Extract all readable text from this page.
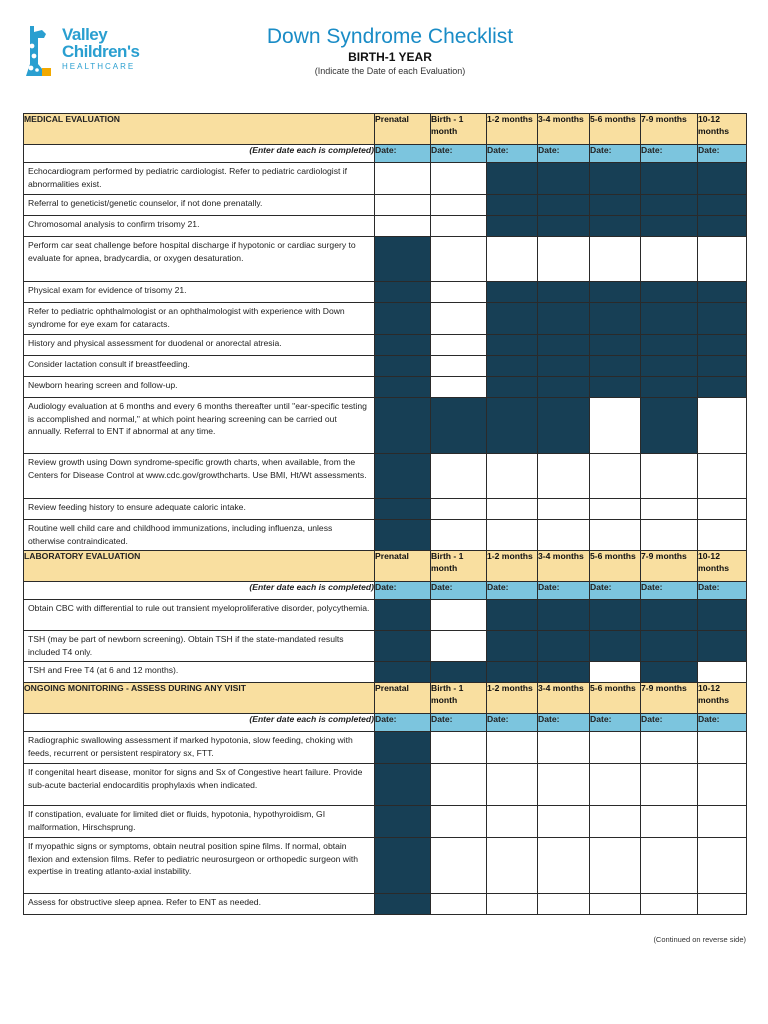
Valley
Children's
HEALTHCARE
Down Syndrome Checklist
BIRTH-1 YEAR
(Indicate the Date of each Evaluation)
MEDICAL EVALUATION	Prenatal	Birth - 1 month	1-2 months	3-4 months	5-6 months	7-9 months	10-12 months
(Enter date each is completed)	Date:	Date:	Date:	Date:	Date:	Date:	Date:
Echocardiogram performed by pediatric cardiologist. Refer to pediatric cardiologist if abnormalities exist.							
Referral to geneticist/genetic counselor, if not done prenatally.							
Chromosomal analysis to confirm trisomy 21.							
Perform car seat challenge before hospital discharge if hypotonic or cardiac surgery to evaluate for apnea, bradycardia, or oxygen desaturation.							
Physical exam for evidence of trisomy 21.							
Refer to pediatric ophthalmologist or an ophthalmologist with experience with Down syndrome for eye exam for cataracts.							
History and physical assessment for duodenal or anorectal atresia.							
Consider lactation consult if breastfeeding.							
Newborn hearing screen and follow-up.							
Audiology evaluation at 6 months and every 6 months thereafter until "ear-specific testing is accomplished and normal," at which point hearing screening can be carried out annually. Referral to ENT if abnormal at any time.							
Review growth using Down syndrome-specific growth charts, when available, from the Centers for Disease Control at www.cdc.gov/growthcharts. Use BMI, Ht/Wt assessments.							
Review feeding history to ensure adequate caloric intake.							
Routine well child care and childhood immunizations, including influenza, unless otherwise contraindicated.							
LABORATORY EVALUATION	Prenatal	Birth - 1 month	1-2 months	3-4 months	5-6 months	7-9 months	10-12 months
(Enter date each is completed)	Date:	Date:	Date:	Date:	Date:	Date:	Date:
Obtain CBC with differential to rule out transient myeloproliferative disorder, polycythemia.							
TSH (may be part of newborn screening). Obtain TSH if the state-mandated results included T4 only.							
TSH and Free T4 (at 6 and 12 months).							
ONGOING MONITORING - ASSESS DURING ANY VISIT	Prenatal	Birth - 1 month	1-2 months	3-4 months	5-6 months	7-9 months	10-12 months
(Enter date each is completed)	Date:	Date:	Date:	Date:	Date:	Date:	Date:
Radiographic swallowing assessment if marked hypotonia, slow feeding, choking with feeds, recurrent or persistent respiratory sx, FTT.							
If congenital heart disease, monitor for signs and Sx of Congestive heart failure. Provide sub-acute bacterial endocarditis prophylaxis when indicated.							
If constipation, evaluate for limited diet or fluids, hypotonia, hypothyroidism, GI malformation, Hirschsprung.							
If myopathic signs or symptoms, obtain neutral position spine films. If normal, obtain flexion and extension films. Refer to pediatric neurosurgeon or orthopedic surgeon with expertise in treating atlanto-axial instability.							
Assess for obstructive sleep apnea. Refer to ENT as needed.							
(Continued on reverse side)
